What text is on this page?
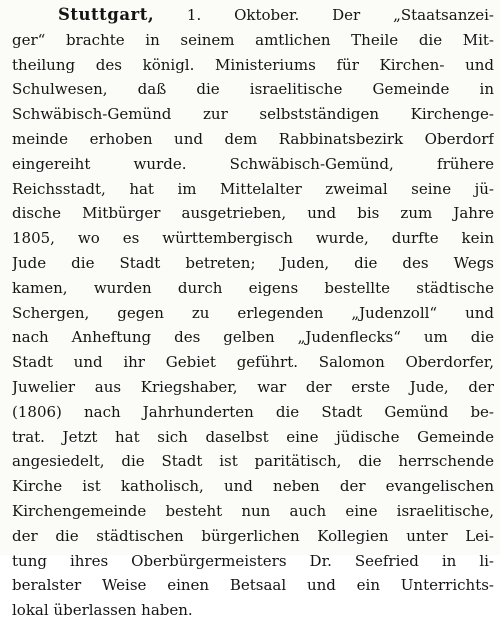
Stuttgart, 1. Oktober. Der „Staatsanzei-
ger“ brachte in seinem amtlichen Theile die Mit-
theilung des königl. Ministeriums für Kirchen- und
Schulwesen, daß die israelitische Gemeinde in
Schwäbisch-Gemünd zur selbstständigen Kirchenge-
meinde erhoben und dem Rabbinatsbezirk Oberdorf
eingereiht wurde. Schwäbisch-Gemünd, frühere
Reichsstadt, hat im Mittelalter zweimal seine jü-
dische Mitbürger ausgetrieben, und bis zum Jahre
1805, wo es württembergisch wurde, durfte kein
Jude die Stadt betreten; Juden, die des Wegs
kamen, wurden durch eigens bestellte städtische
Schergen, gegen zu erlegenden „Judenzoll“ und
nach Anheftung des gelben „Judenflecks“ um die
Stadt und ihr Gebiet geführt. Salomon Oberdorfer,
Juwelier aus Kriegshaber, war der erste Jude, der
(1806) nach Jahrhunderten die Stadt Gemünd be-
trat. Jetzt hat sich daselbst eine jüdische Gemeinde
angesiedelt, die Stadt ist paritätisch, die herrschende
Kirche ist katholisch, und neben der evangelischen
Kirchengemeinde besteht nun auch eine israelitische,
der die städtischen bürgerlichen Kollegien unter Lei-
tung ihres Oberbürgermeisters Dr. Seefried in li-
beralster Weise einen Betsaal und ein Unterrichts-
lokal überlassen haben.
